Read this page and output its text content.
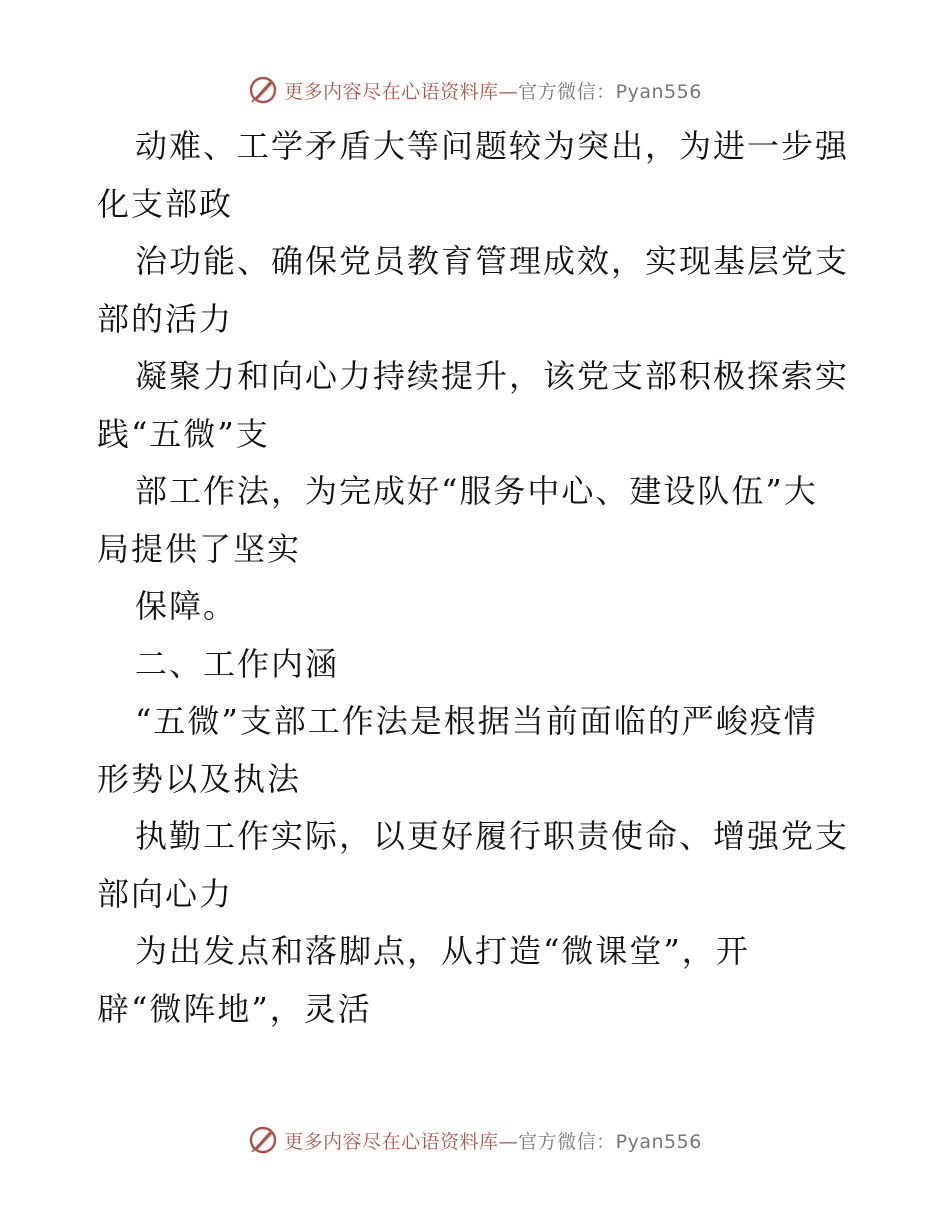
更多内容尽在心语资料库—官方微信：Pyan556
动难、工学矛盾大等问题较为突出，为进一步强
化支部政
治功能、确保党员教育管理成效，实现基层党支
部的活力
凝聚力和向心力持续提升，该党支部积极探索实
践“五微”支
部工作法，为完成好“服务中心、建设队伍”大
局提供了坚实
保障。
二、工作内涵
“五微”支部工作法是根据当前面临的严峻疫情
形势以及执法
执勤工作实际，以更好履行职责使命、增强党支
部向心力
为出发点和落脚点，从打造“微课堂”，开
辟“微阵地”，灵活
更多内容尽在心语资料库—官方微信：Pyan556
